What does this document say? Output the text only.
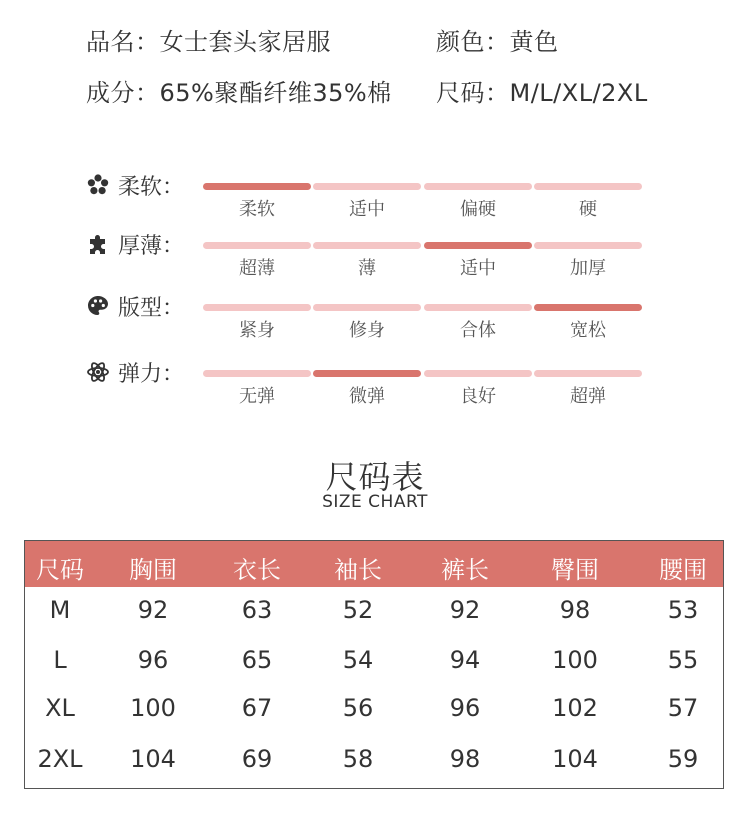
品名：女士套头家居服	颜色：黄色
成分：65%聚酯纤维35%棉 尺码：M/L/XL/2XL
柔软：
柔软	适中	偏硬	硬
厚薄：
超薄	薄	适中	加厚
版型：
紧身	修身	合体	宽松
弹力：
无弹	微弹	良好	超弹
尺码表
SIZE CHART
尺码	胸围	衣长	袖长	裤长	臀围	腰围
M	92	63	52	92	98	53
L	96	65	54	94	100	55
XL	100	67	56	96	102	57
2XL	104	69	58	98	104	59
